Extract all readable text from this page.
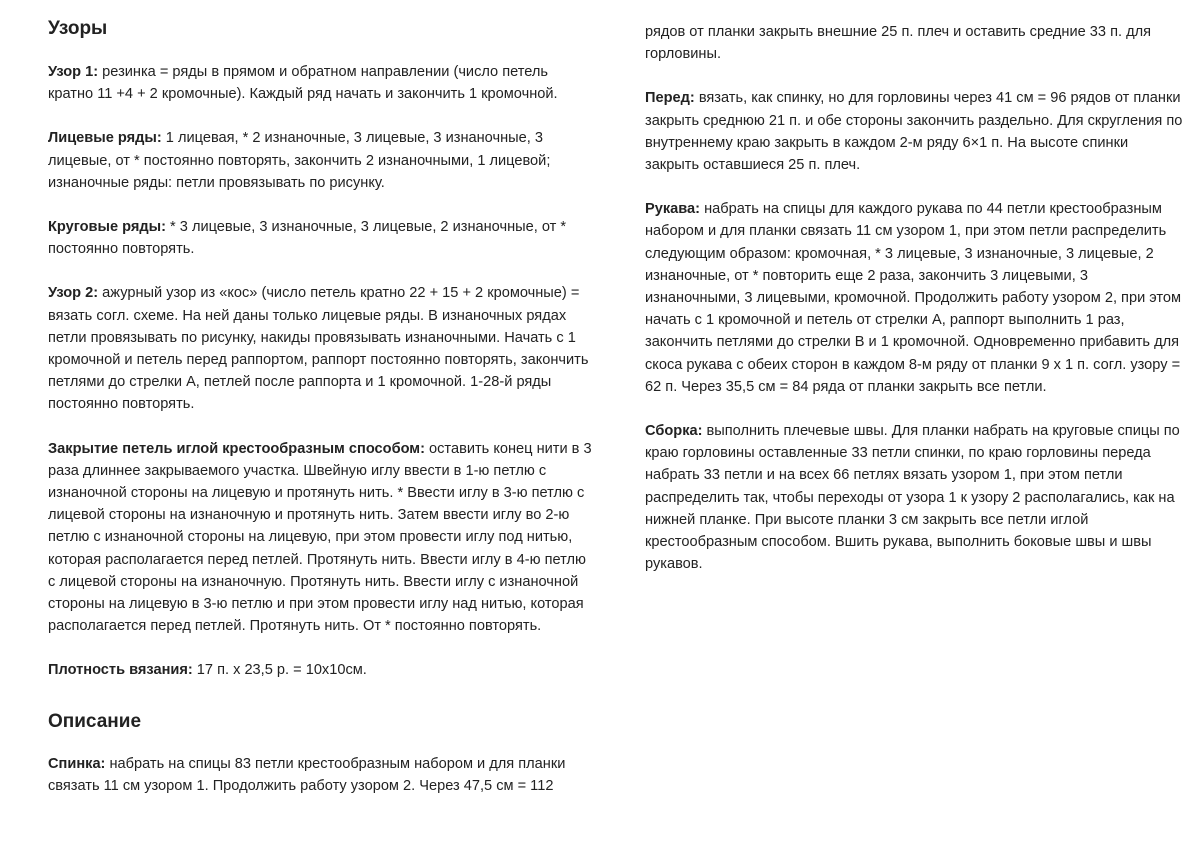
Узоры

Узор 1: резинка = ряды в прямом и обратном направлении (число петель кратно 11 +4 + 2 кромочные). Каждый ряд начать и закончить 1 кромочной.

Лицевые ряды: 1 лицевая, * 2 изнаночные, 3 лицевые, 3 изнаночные, 3 лицевые, от * постоянно повторять, закончить 2 изнаночными, 1 лицевой; изнаночные ряды: петли провязывать по рисунку.

Круговые ряды: * 3 лицевые, 3 изнаночные, 3 лицевые, 2 изнаночные, от * постоянно повторять.

Узор 2: ажурный узор из «кос» (число петель кратно 22 + 15 + 2 кромочные) = вязать согл. схеме. На ней даны только лицевые ряды. В изнаночных рядах петли провязывать по рисунку, накиды провязывать изнаночными. Начать с 1 кромочной и петель перед раппортом, раппорт постоянно повторять, закончить петлями до стрелки А, петлей после раппорта и 1 кромочной. 1-28-й ряды постоянно повторять.

Закрытие петель иглой крестообразным способом: оставить конец нити в 3 раза длиннее закрываемого участка. Швейную иглу ввести в 1-ю петлю с изнаночной стороны на лицевую и протянуть нить. * Ввести иглу в 3-ю петлю с лицевой стороны на изнаночную и протянуть нить. Затем ввести иглу во 2-ю петлю с изнаночной стороны на лицевую, при этом провести иглу под нитью, которая располагается перед петлей. Протянуть нить. Ввести иглу в 4-ю петлю с лицевой стороны на изнаночную. Протянуть нить. Ввести иглу с изнаночной стороны на лицевую в 3-ю петлю и при этом провести иглу над нитью, которая располагается перед петлей. Протянуть нить. От * постоянно повторять.

Плотность вязания: 17 п. х 23,5 р. = 10х10см.

Описание

Спинка: набрать на спицы 83 петли крестообразным набором и для планки связать 11 см узором 1. Продолжить работу узором 2. Через 47,5 см = 112

рядов от планки закрыть внешние 25 п. плеч и оставить средние 33 п. для горловины.

Перед: вязать, как спинку, но для горловины через 41 см = 96 рядов от планки закрыть среднюю 21 п. и обе стороны закончить раздельно. Для скругления по внутреннему краю закрыть в каждом 2-м ряду 6×1 п. На высоте спинки закрыть оставшиеся 25 п. плеч.

Рукава: набрать на спицы для каждого рукава по 44 петли крестообразным набором и для планки связать 11 см узором 1, при этом петли распределить следующим образом: кромочная, * 3 лицевые, 3 изнаночные, 3 лицевые, 2 изнаночные, от * повторить еще 2 раза, закончить 3 лицевыми, 3 изнаночными, 3 лицевыми, кромочной. Продолжить работу узором 2, при этом начать с 1 кромочной и петель от стрелки А, раппорт выполнить 1 раз, закончить петлями до стрелки В и 1 кромочной. Одновременно прибавить для скоса рукава с обеих сторон в каждом 8-м ряду от планки 9 х 1 п. согл. узору = 62 п. Через 35,5 см = 84 ряда от планки закрыть все петли.

Сборка: выполнить плечевые швы. Для планки набрать на круговые спицы по краю горловины оставленные 33 петли спинки, по краю горловины переда набрать 33 петли и на всех 66 петлях вязать узором 1, при этом петли распределить так, чтобы переходы от узора 1 к узору 2 располагались, как на нижней планке. При высоте планки 3 см закрыть все петли иглой крестообразным способом. Вшить рукава, выполнить боковые швы и швы рукавов.
